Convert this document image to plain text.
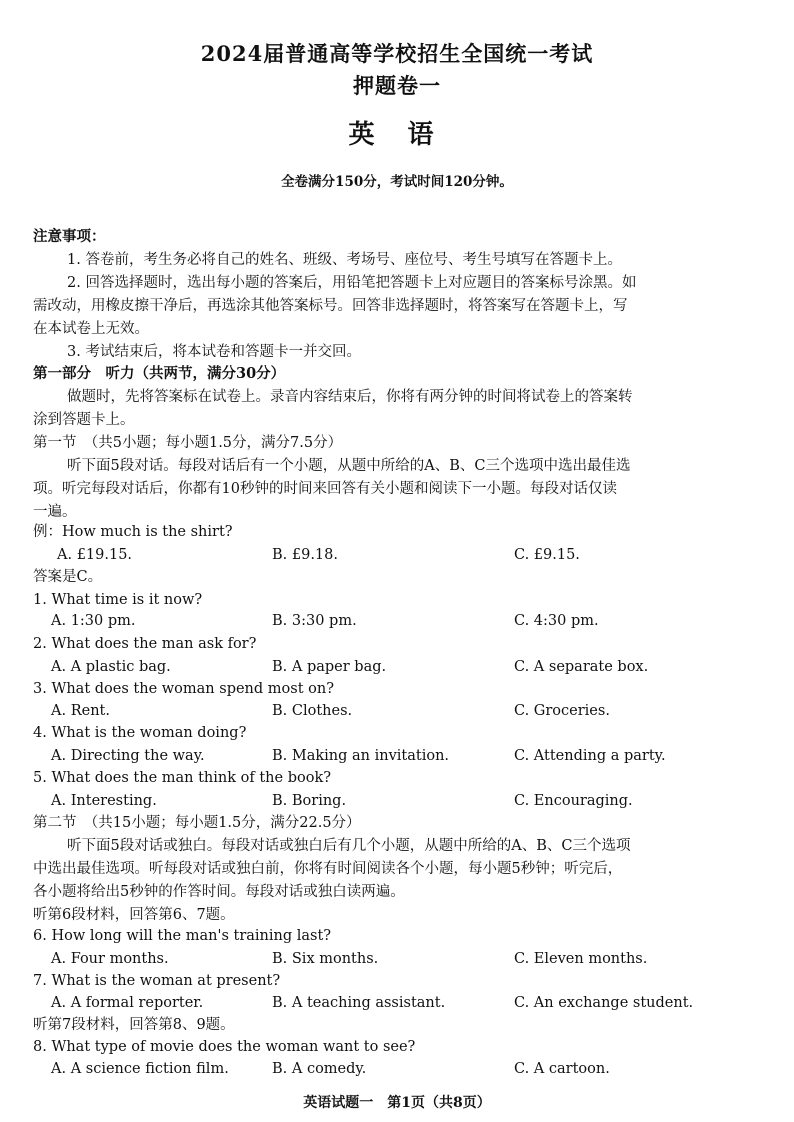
2024届普通高等学校招生全国统一考试
押题卷一
英 语
全卷满分150分，考试时间120分钟。
注意事项：
1. 答卷前，考生务必将自己的姓名、班级、考场号、座位号、考生号填写在答题卡上。
2. 回答选择题时，选出每小题的答案后，用铅笔把答题卡上对应题目的答案标号涂黑。如
需改动，用橡皮擦干净后，再选涂其他答案标号。回答非选择题时，将答案写在答题卡上，写
在本试卷上无效。
3. 考试结束后，将本试卷和答题卡一并交回。
第一部分　听力（共两节，满分30分）
做题时，先将答案标在试卷上。录音内容结束后，你将有两分钟的时间将试卷上的答案转
涂到答题卡上。
第一节　（共5小题；每小题1.5分，满分7.5分）
听下面5段对话。每段对话后有一个小题，从题中所给的A、B、C三个选项中选出最佳选
项。听完每段对话后，你都有10秒钟的时间来回答有关小题和阅读下一小题。每段对话仅读
一遍。
例：How much is the shirt?
A. £19.15.	B. £9.18.	C. £9.15.
答案是C。
1. What time is it now?
A. 1:30 pm.	B. 3:30 pm.	C. 4:30 pm.
2. What does the man ask for?
A. A plastic bag.	B. A paper bag.	C. A separate box.
3. What does the woman spend most on?
A. Rent.	B. Clothes.	C. Groceries.
4. What is the woman doing?
A. Directing the way.	B. Making an invitation.	C. Attending a party.
5. What does the man think of the book?
A. Interesting.	B. Boring.	C. Encouraging.
第二节　（共15小题；每小题1.5分，满分22.5分）
听下面5段对话或独白。每段对话或独白后有几个小题，从题中所给的A、B、C三个选项
中选出最佳选项。听每段对话或独白前，你将有时间阅读各个小题，每小题5秒钟；听完后，
各小题将给出5秒钟的作答时间。每段对话或独白读两遍。
听第6段材料，回答第6、7题。
6. How long will the man's training last?
A. Four months.	B. Six months.	C. Eleven months.
7. What is the woman at present?
A. A formal reporter.	B. A teaching assistant.	C. An exchange student.
听第7段材料，回答第8、9题。
8. What type of movie does the woman want to see?
A. A science fiction film.	B. A comedy.	C. A cartoon.
英语试题一　第1页（共8页）
